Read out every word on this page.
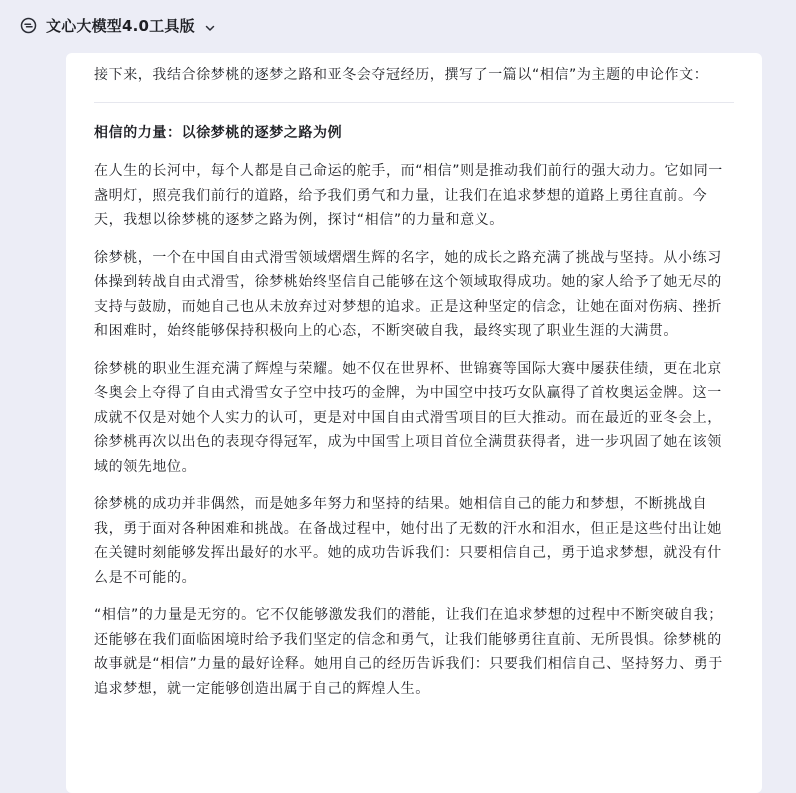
文心大模型4.0工具版

接下来，我结合徐梦桃的逐梦之路和亚冬会夺冠经历，撰写了一篇以“相信”为主题的申论作文：

相信的力量：以徐梦桃的逐梦之路为例

在人生的长河中，每个人都是自己命运的舵手，而“相信”则是推动我们前行的强大动力。它如同一盏明灯，照亮我们前行的道路，给予我们勇气和力量，让我们在追求梦想的道路上勇往直前。今天，我想以徐梦桃的逐梦之路为例，探讨“相信”的力量和意义。

徐梦桃，一个在中国自由式滑雪领域熠熠生辉的名字，她的成长之路充满了挑战与坚持。从小练习体操到转战自由式滑雪，徐梦桃始终坚信自己能够在这个领域取得成功。她的家人给予了她无尽的支持与鼓励，而她自己也从未放弃过对梦想的追求。正是这种坚定的信念，让她在面对伤病、挫折和困难时，始终能够保持积极向上的心态，不断突破自我，最终实现了职业生涯的大满贯。

徐梦桃的职业生涯充满了辉煌与荣耀。她不仅在世界杯、世锦赛等国际大赛中屡获佳绩，更在北京冬奥会上夺得了自由式滑雪女子空中技巧的金牌，为中国空中技巧女队赢得了首枚奥运金牌。这一成就不仅是对她个人实力的认可，更是对中国自由式滑雪项目的巨大推动。而在最近的亚冬会上，徐梦桃再次以出色的表现夺得冠军，成为中国雪上项目首位全满贯获得者，进一步巩固了她在该领域的领先地位。

徐梦桃的成功并非偶然，而是她多年努力和坚持的结果。她相信自己的能力和梦想，不断挑战自我，勇于面对各种困难和挑战。在备战过程中，她付出了无数的汗水和泪水，但正是这些付出让她在关键时刻能够发挥出最好的水平。她的成功告诉我们：只要相信自己，勇于追求梦想，就没有什么是不可能的。

“相信”的力量是无穷的。它不仅能够激发我们的潜能，让我们在追求梦想的过程中不断突破自我；还能够在我们面临困境时给予我们坚定的信念和勇气，让我们能够勇往直前、无所畏惧。徐梦桃的故事就是“相信”力量的最好诠释。她用自己的经历告诉我们：只要我们相信自己、坚持努力、勇于追求梦想，就一定能够创造出属于自己的辉煌人生。
